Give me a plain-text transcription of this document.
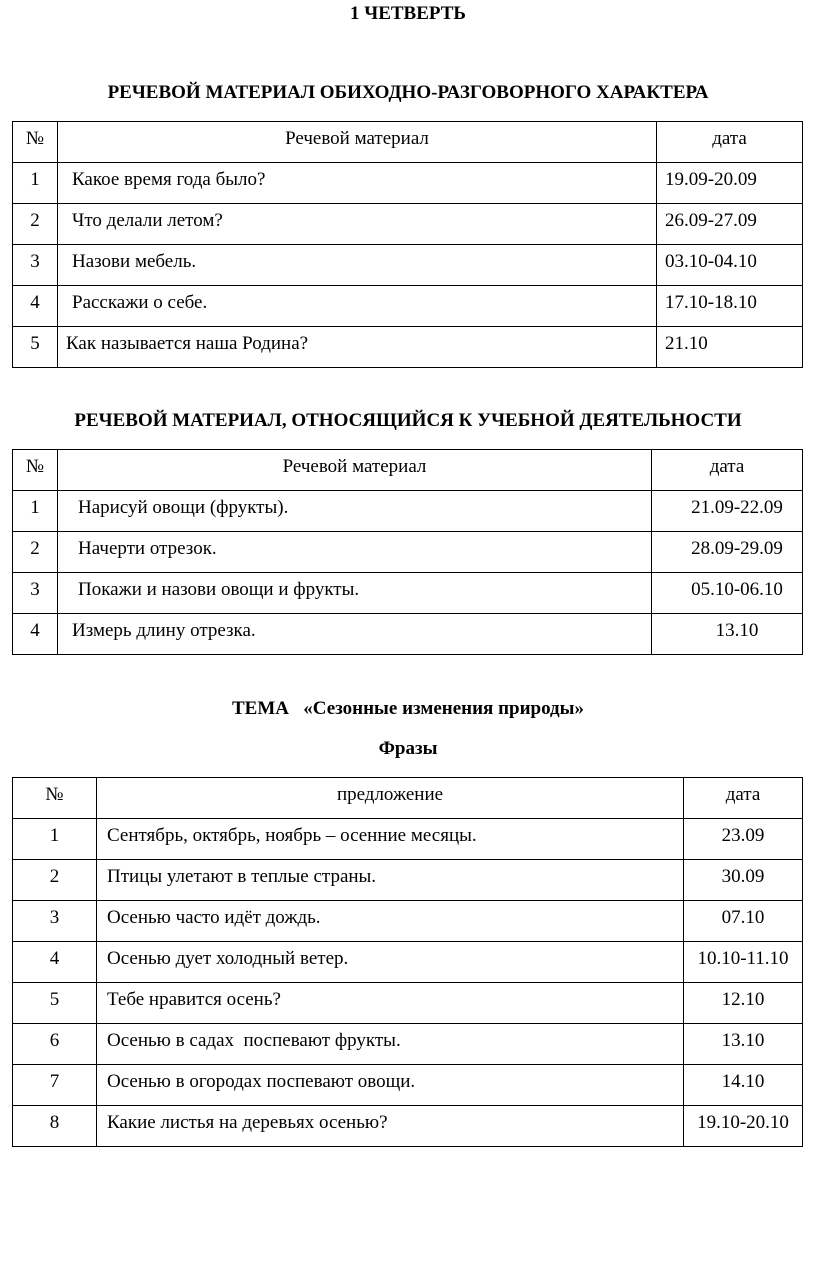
1 ЧЕТВЕРТЬ
РЕЧЕВОЙ МАТЕРИАЛ ОБИХОДНО-РАЗГОВОРНОГО ХАРАКТЕРА
№	Речевой материал	дата

1	Какое время года было?	19.09-20.09

2	Что делали летом?	26.09-27.09

3	Назови мебель.	03.10-04.10

4	Расскажи о себе.	17.10-18.10

5	Как называется наша Родина?	21.10
РЕЧЕВОЙ МАТЕРИАЛ, ОТНОСЯЩИЙСЯ К УЧЕБНОЙ ДЕЯТЕЛЬНОСТИ
№	Речевой материал	дата

1	Нарисуй овощи (фрукты).	21.09-22.09

2	Начерти отрезок.	28.09-29.09

3	Покажи и назови овощи и фрукты.	05.10-06.10

4	Измерь длину отрезка.	13.10
ТЕМА   «Сезонные изменения природы»
Фразы
№	предложение	дата

1	Сентябрь, октябрь, ноябрь – осенние месяцы.	23.09

2	Птицы улетают в теплые страны.	30.09

3	Осенью часто идёт дождь.	07.10

4	Осенью дует холодный ветер.	10.10-11.10

5	Тебе нравится осень?	12.10

6	Осенью в садах  поспевают фрукты.	13.10

7	Осенью в огородах поспевают овощи.	14.10

8	Какие листья на деревьях осенью?	19.10-20.10
